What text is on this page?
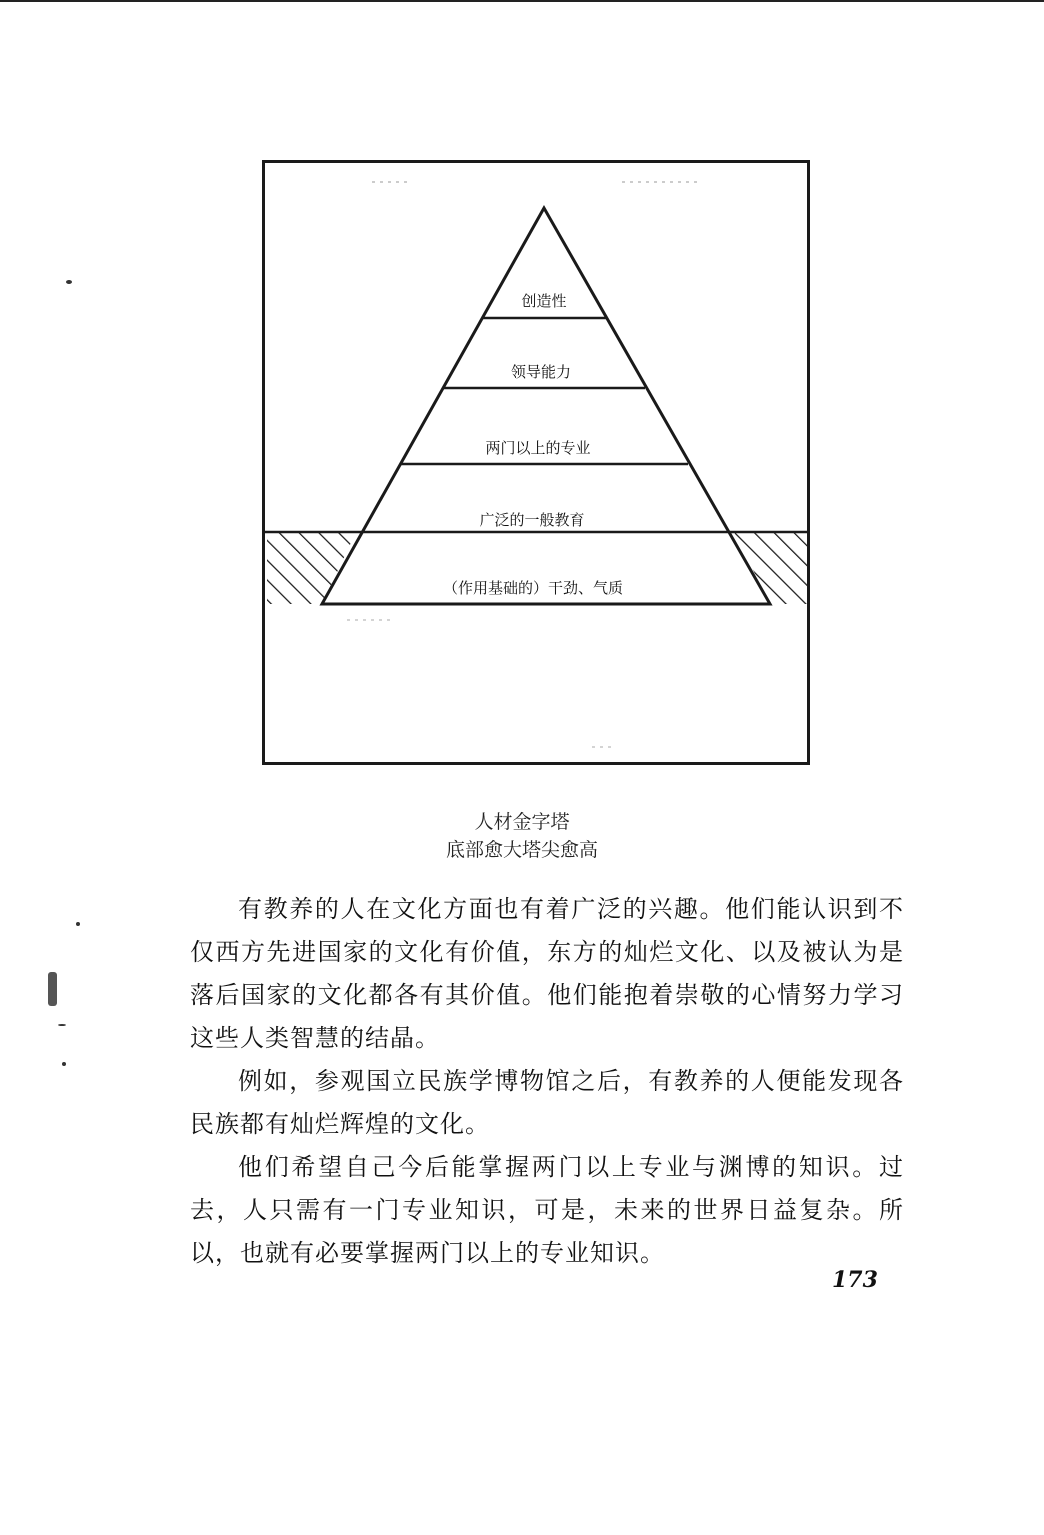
创造性
领导能力
两门以上的专业
广泛的一般教育
（作用基础的）干劲、气质
人材金字塔
底部愈大塔尖愈高

有教养的人在文化方面也有着广泛的兴趣。他们能认识到不仅西方先进国家的文化有价值，东方的灿烂文化、以及被认为是落后国家的文化都各有其价值。他们能抱着崇敬的心情努力学习这些人类智慧的结晶。

例如，参观国立民族学博物馆之后，有教养的人便能发现各民族都有灿烂辉煌的文化。

他们希望自己今后能掌握两门以上专业与渊博的知识。过去，人只需有一门专业知识，可是，未来的世界日益复杂。所以，也就有必要掌握两门以上的专业知识。

173
